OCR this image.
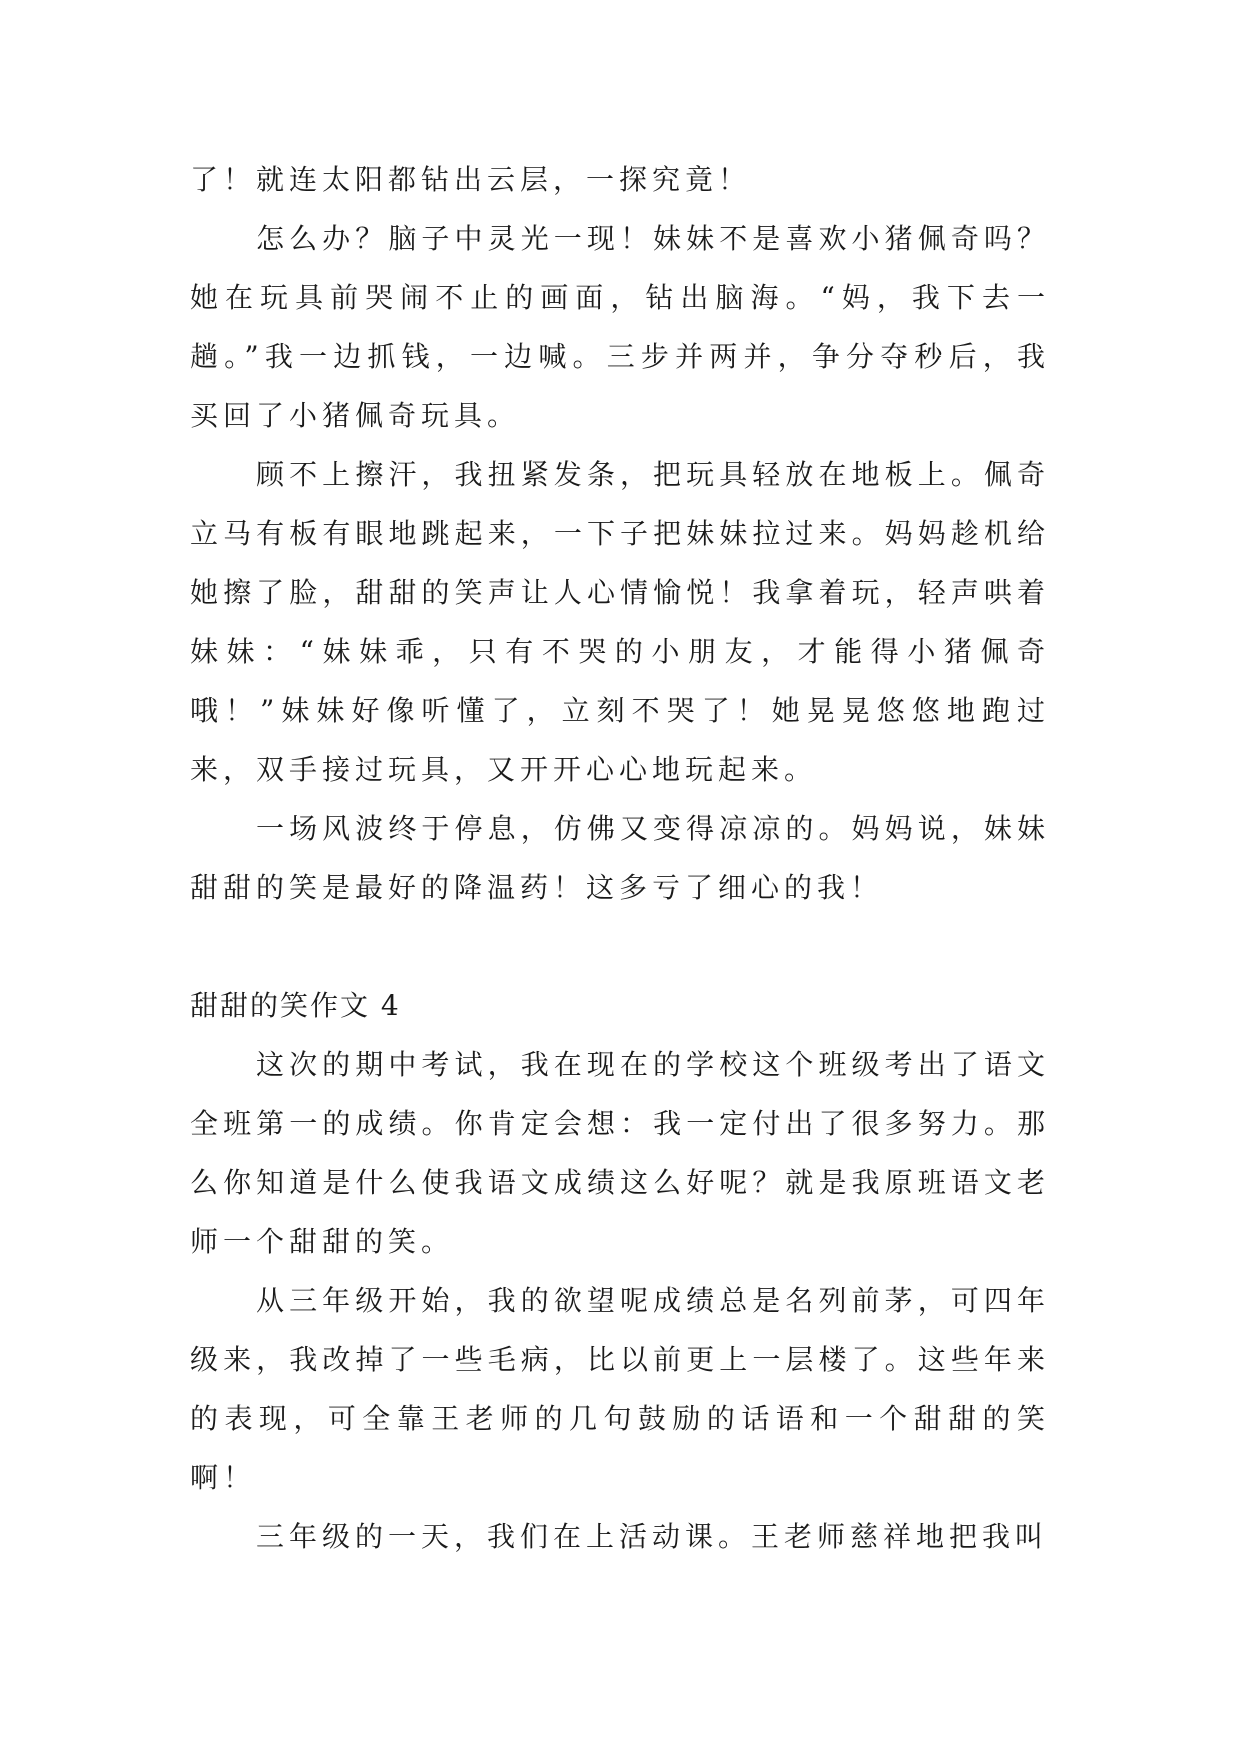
了！就连太阳都钻出云层，一探究竟！

怎么办？脑子中灵光一现！妹妹不是喜欢小猪佩奇吗？她在玩具前哭闹不止的画面，钻出脑海。“妈，我下去一趟。”我一边抓钱，一边喊。三步并两并，争分夺秒后，我买回了小猪佩奇玩具。

顾不上擦汗，我扭紧发条，把玩具轻放在地板上。佩奇立马有板有眼地跳起来，一下子把妹妹拉过来。妈妈趁机给她擦了脸，甜甜的笑声让人心情愉悦！我拿着玩，轻声哄着妹妹：“妹妹乖，只有不哭的小朋友，才能得小猪佩奇哦！”妹妹好像听懂了，立刻不哭了！她晃晃悠悠地跑过来，双手接过玩具，又开开心心地玩起来。

一场风波终于停息，仿佛又变得凉凉的。妈妈说，妹妹甜甜的笑是最好的降温药！这多亏了细心的我！

甜甜的笑作文 4

这次的期中考试，我在现在的学校这个班级考出了语文全班第一的成绩。你肯定会想：我一定付出了很多努力。那么你知道是什么使我语文成绩这么好呢？就是我原班语文老师一个甜甜的笑。

从三年级开始，我的欲望呢成绩总是名列前茅，可四年级来，我改掉了一些毛病，比以前更上一层楼了。这些年来的表现，可全靠王老师的几句鼓励的话语和一个甜甜的笑啊！

三年级的一天，我们在上活动课。王老师慈祥地把我叫
